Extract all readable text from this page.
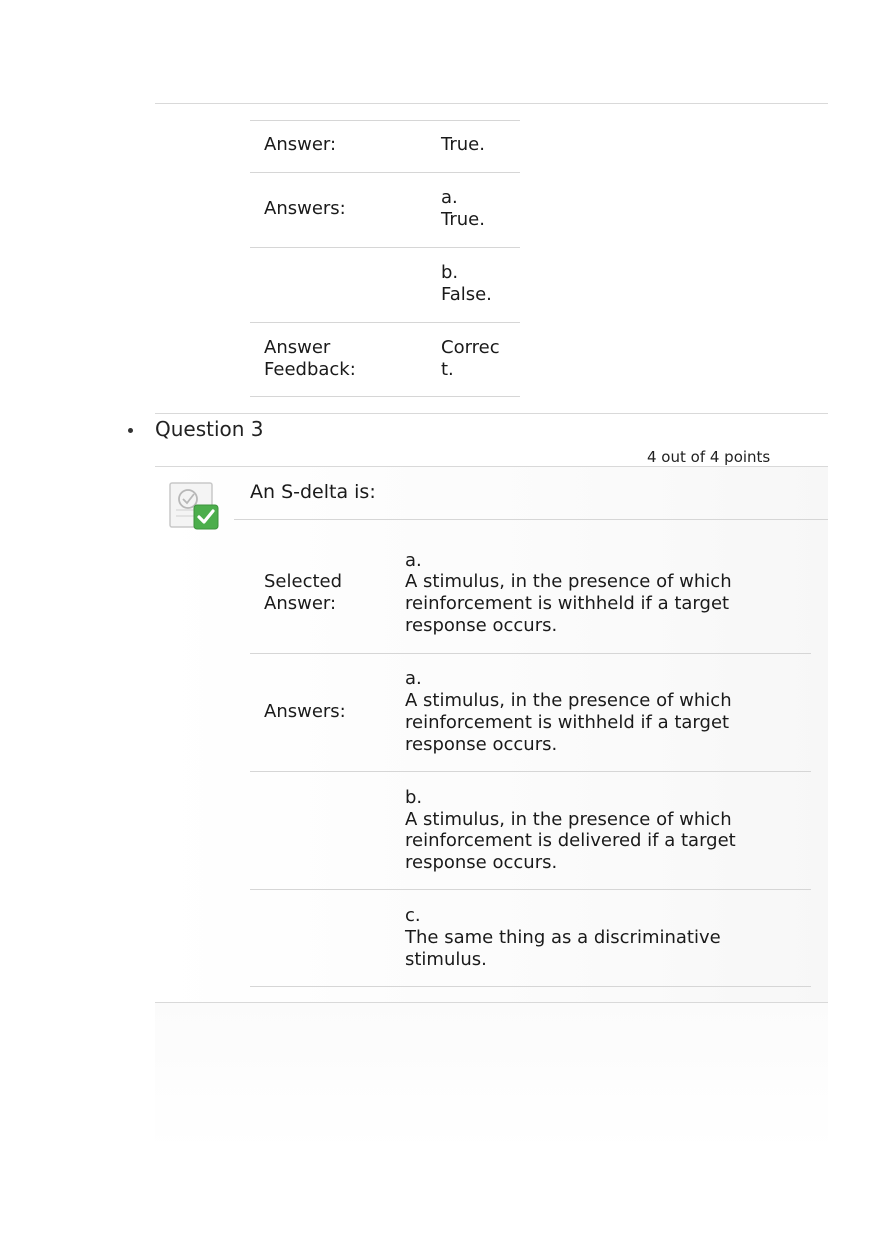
Answer:	True.
Answers:
a.
True.
b.
False.
Answer
Feedback:
Correc
t.
Question 3
4 out of 4 points
An S-delta is:
Selected
Answer:
a.
A stimulus, in the presence of which
reinforcement is withheld if a target
response occurs.
Answers:
a.
A stimulus, in the presence of which
reinforcement is withheld if a target
response occurs.
b.
A stimulus, in the presence of which
reinforcement is delivered if a target
response occurs.
c.
The same thing as a discriminative
stimulus.
